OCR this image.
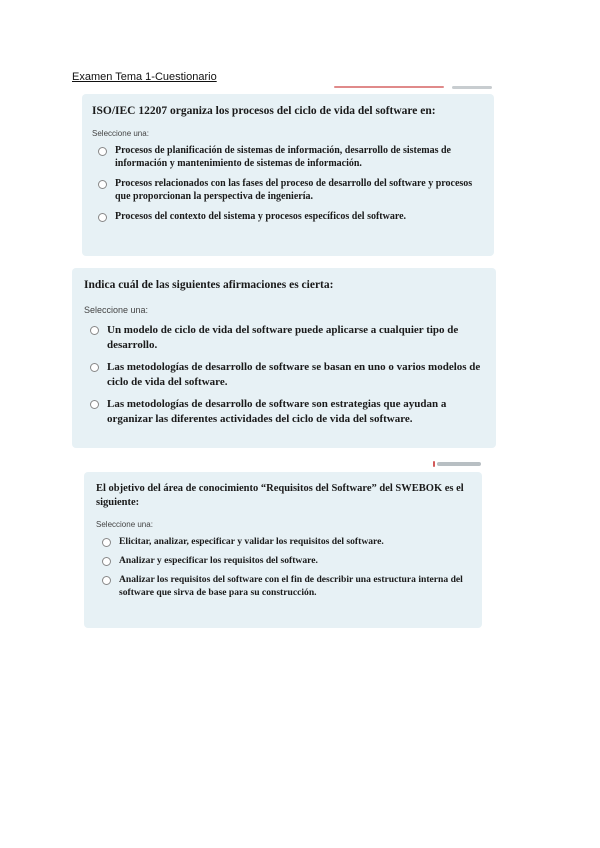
Examen Tema 1-Cuestionario

ISO/IEC 12207 organiza los procesos del ciclo de vida del software en:

Seleccione una:
Procesos de planificación de sistemas de información, desarrollo de sistemas de información y mantenimiento de sistemas de información.
Procesos relacionados con las fases del proceso de desarrollo del software y procesos que proporcionan la perspectiva de ingeniería.
Procesos del contexto del sistema y procesos específicos del software.

Indica cuál de las siguientes afirmaciones es cierta:

Seleccione una:
Un modelo de ciclo de vida del software puede aplicarse a cualquier tipo de desarrollo.
Las metodologías de desarrollo de software se basan en uno o varios modelos de ciclo de vida del software.
Las metodologías de desarrollo de software son estrategias que ayudan a organizar las diferentes actividades del ciclo de vida del software.

El objetivo del área de conocimiento “Requisitos del Software” del SWEBOK es el siguiente:

Seleccione una:
Elicitar, analizar, especificar y validar los requisitos del software.
Analizar y especificar los requisitos del software.
Analizar los requisitos del software con el fin de describir una estructura interna del software que sirva de base para su construcción.
